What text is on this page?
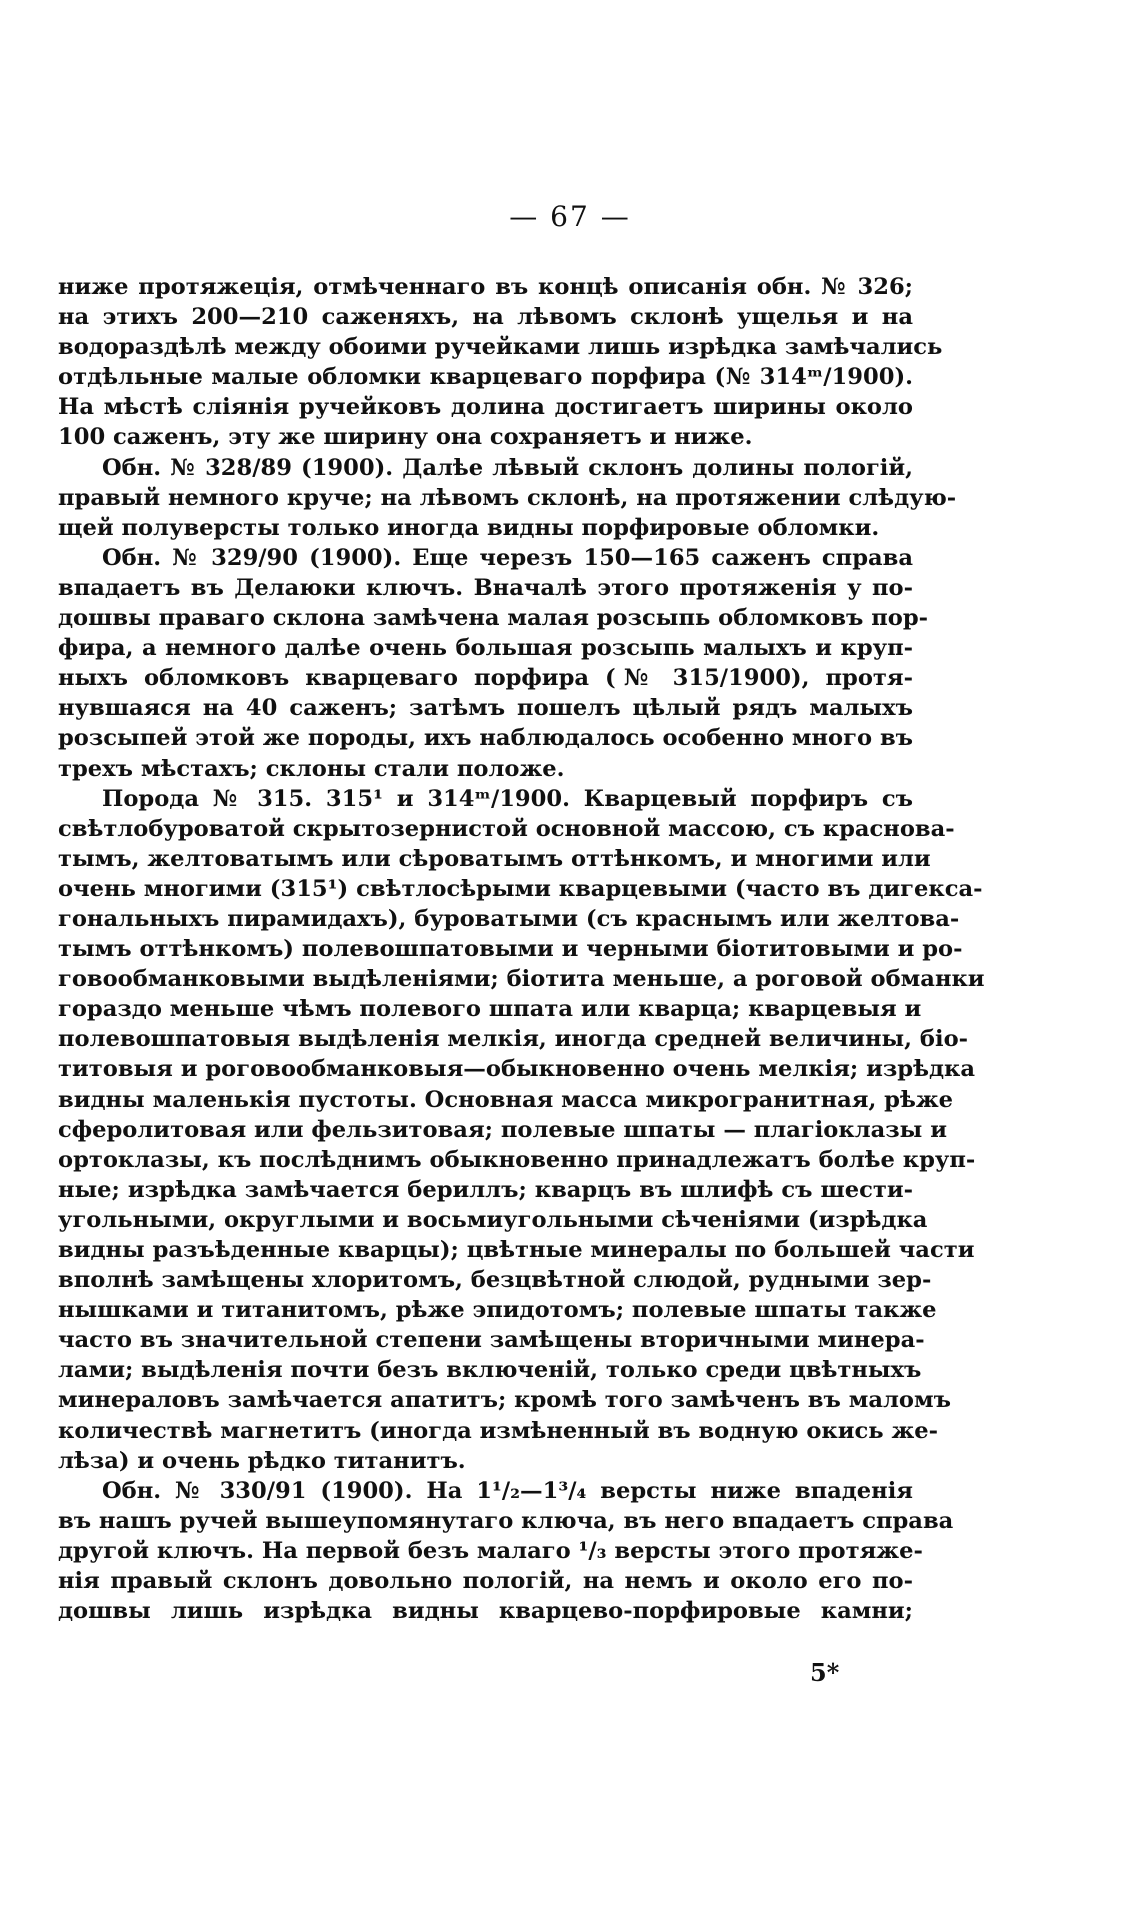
— 67 —
ниже протяжеція, отмѣченнаго въ концѣ описанія обн. № 326;
на этихъ 200—210 саженяхъ, на лѣвомъ склонѣ ущелья и на
водораздѣлѣ между обоими ручейками лишь изрѣдка замѣчались
отдѣльные малые обломки кварцеваго порфира (№ 314ᵐ/1900).
На мѣстѣ слiянія ручейковъ долина достигаетъ ширины около
100 саженъ, эту же ширину она сохраняетъ и ниже.
Обн. № 328/89 (1900). Далѣе лѣвый склонъ долины пологій,
правый немного круче; на лѣвомъ склонѣ, на протяжении слѣдую-
щей полуверсты только иногда видны порфировые обломки.
Обн. № 329/90 (1900). Еще черезъ 150—165 саженъ справа
впадаетъ въ Делаюки ключъ. Вначалѣ этого протяженія у по-
дошвы праваго склона замѣчена малая розсыпь обломковъ пор-
фира, а немного далѣе очень большая розсыпь малыхъ и круп-
ныхъ обломковъ кварцеваго порфира (№ 315/1900), протя-
нувшаяся на 40 саженъ; затѣмъ пошелъ цѣлый рядъ малыхъ
розсыпей этой же породы, ихъ наблюдалось особенно много въ
трехъ мѣстахъ; склоны стали положе.
Порода № 315. 315¹ и 314ᵐ/1900. Кварцевый порфиръ съ
свѣтлобуроватой скрытозернистой основной массою, съ красновa-
тымъ, желтоватымъ или сѣроватымъ оттѣнкомъ, и многими или
очень многими (315¹) свѣтлосѣрыми кварцевыми (часто въ дигекса-
гональныхъ пирамидахъ), буроватыми (съ краснымъ или желтова-
тымъ оттѣнкомъ) полевошпатовыми и черными біотитовыми и ро-
говообманковыми выдѣленіями; біотита меньше, а роговой обманки
гораздо меньше чѣмъ полевого шпата или кварца; кварцевыя и
полевошпатовыя выдѣленія мелкія, иногда средней величины, біо-
титовыя и роговообманковыя—обыкновенно очень мелкія; изрѣдка
видны маленькія пустоты. Основная масса микрогранитная, рѣже
сферолитовая или фельзитовая; полевые шпаты — плагіоклазы и
ортоклазы, къ послѣднимъ обыкновенно принадлежатъ болѣе круп-
ные; изрѣдка замѣчается бериллъ; кварцъ въ шлифѣ съ шести-
угольными, округлыми и восьмиугольными сѣченіями (изрѣдка
видны разъѣденные кварцы); цвѣтные минералы по большей части
вполнѣ замѣщены хлоритомъ, безцвѣтной слюдой, рудными зер-
нышками и титанитомъ, рѣже эпидотомъ; полевые шпаты также
часто въ значительной степени замѣщены вторичными минера-
лами; выдѣленія почти безъ включеній, только среди цвѣтныхъ
минераловъ замѣчается апатитъ; кромѣ того замѣченъ въ маломъ
количествѣ магнетитъ (иногда измѣненный въ водную окись же-
лѣза) и очень рѣдко титанитъ.
Обн. № 330/91 (1900). На 1¹/₂—1³/₄ версты ниже впаденія
въ нашъ ручей вышеупомянутаго ключа, въ него впадаетъ справа
другой ключъ. На первой безъ малаго ¹/₃ версты этого протяже-
нія правый склонъ довольно пологій, на немъ и около его по-
дошвы лишь изрѣдка видны кварцево-порфировые камни;
5*
